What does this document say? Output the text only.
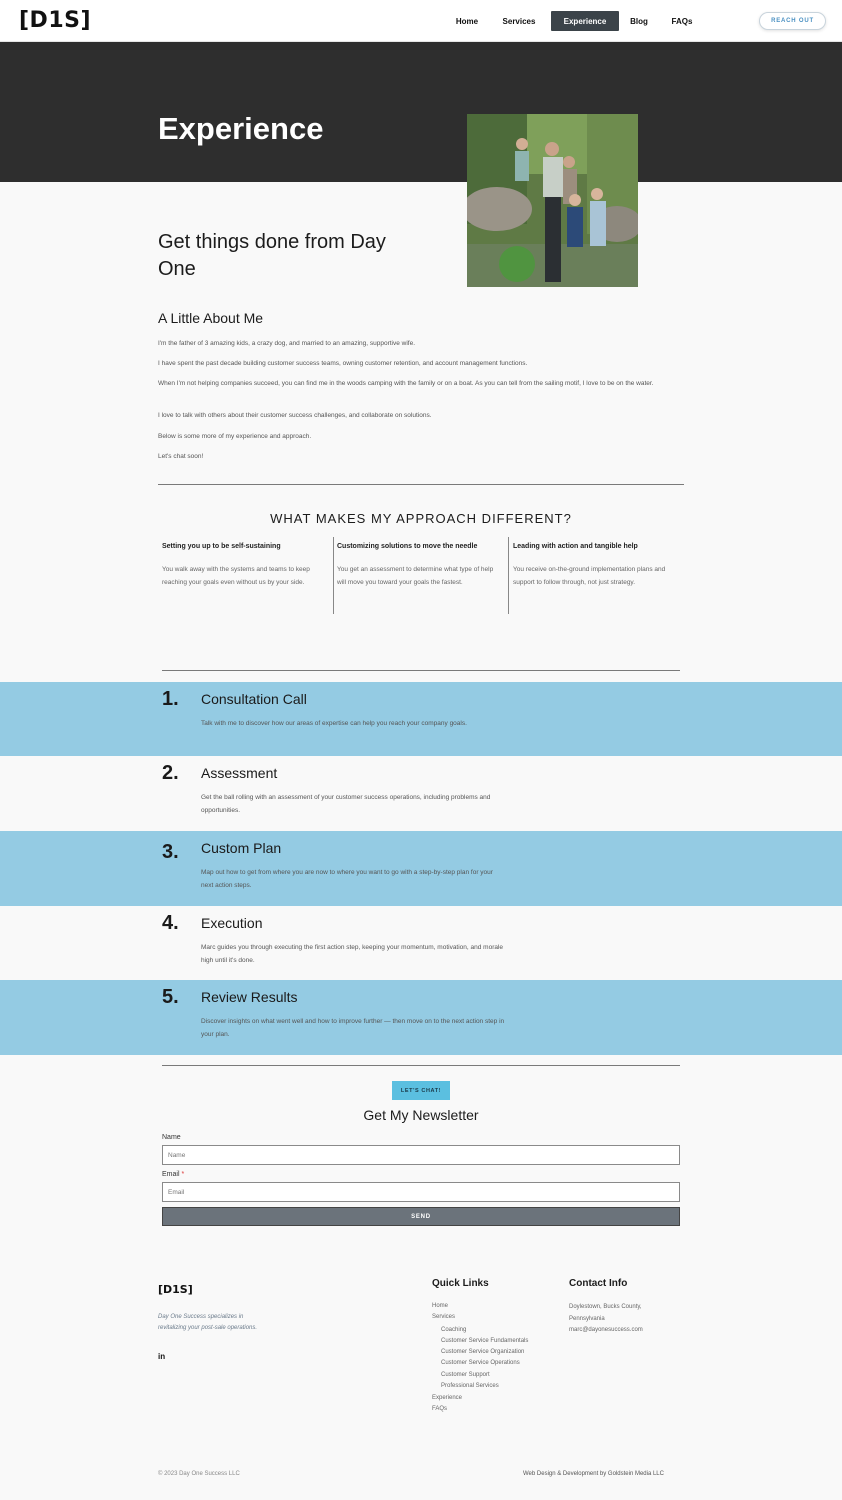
[D1S]	Home	Services	Experience	Blog	FAQs	REACH OUT
Experience
Get things done from Day One
A Little About Me
I'm the father of 3 amazing kids, a crazy dog, and married to an amazing, supportive wife.
I have spent the past decade building customer success teams, owning customer retention, and account management functions.
When I'm not helping companies succeed, you can find me in the woods camping with the family or on a boat. As you can tell from the sailing motif, I love to be on the water.
I love to talk with others about their customer success challenges, and collaborate on solutions.
Below is some more of my experience and approach.
Let's chat soon!
WHAT MAKES MY APPROACH DIFFERENT?
Setting you up to be self-sustaining
You walk away with the systems and teams to keep reaching your goals even without us by your side.
Customizing solutions to move the needle
You get an assessment to determine what type of help will move you toward your goals the fastest.
Leading with action and tangible help
You receive on-the-ground implementation plans and support to follow through, not just strategy.
1. Consultation Call
Talk with me to discover how our areas of expertise can help you reach your company goals.
2. Assessment
Get the ball rolling with an assessment of your customer success operations, including problems and opportunities.
3. Custom Plan
Map out how to get from where you are now to where you want to go with a step-by-step plan for your next action steps.
4. Execution
Marc guides you through executing the first action step, keeping your momentum, motivation, and morale high until it's done.
5. Review Results
Discover insights on what went well and how to improve further — then move on to the next action step in your plan.
LET'S CHAT!
Get My Newsletter
Name
Name
Email *
Email
SEND
[D1S]
Day One Success specializes in revitalizing your post-sale operations.
in
Quick Links
Home
Services
Coaching
Customer Service Fundamentals
Customer Service Organization
Customer Service Operations
Customer Support
Professional Services
Experience
FAQs
Contact Info
Doylestown, Bucks County,
Pennsylvania
marc@dayonesuccess.com
© 2023 Day One Success LLC	Web Design & Development by Goldstein Media LLC
